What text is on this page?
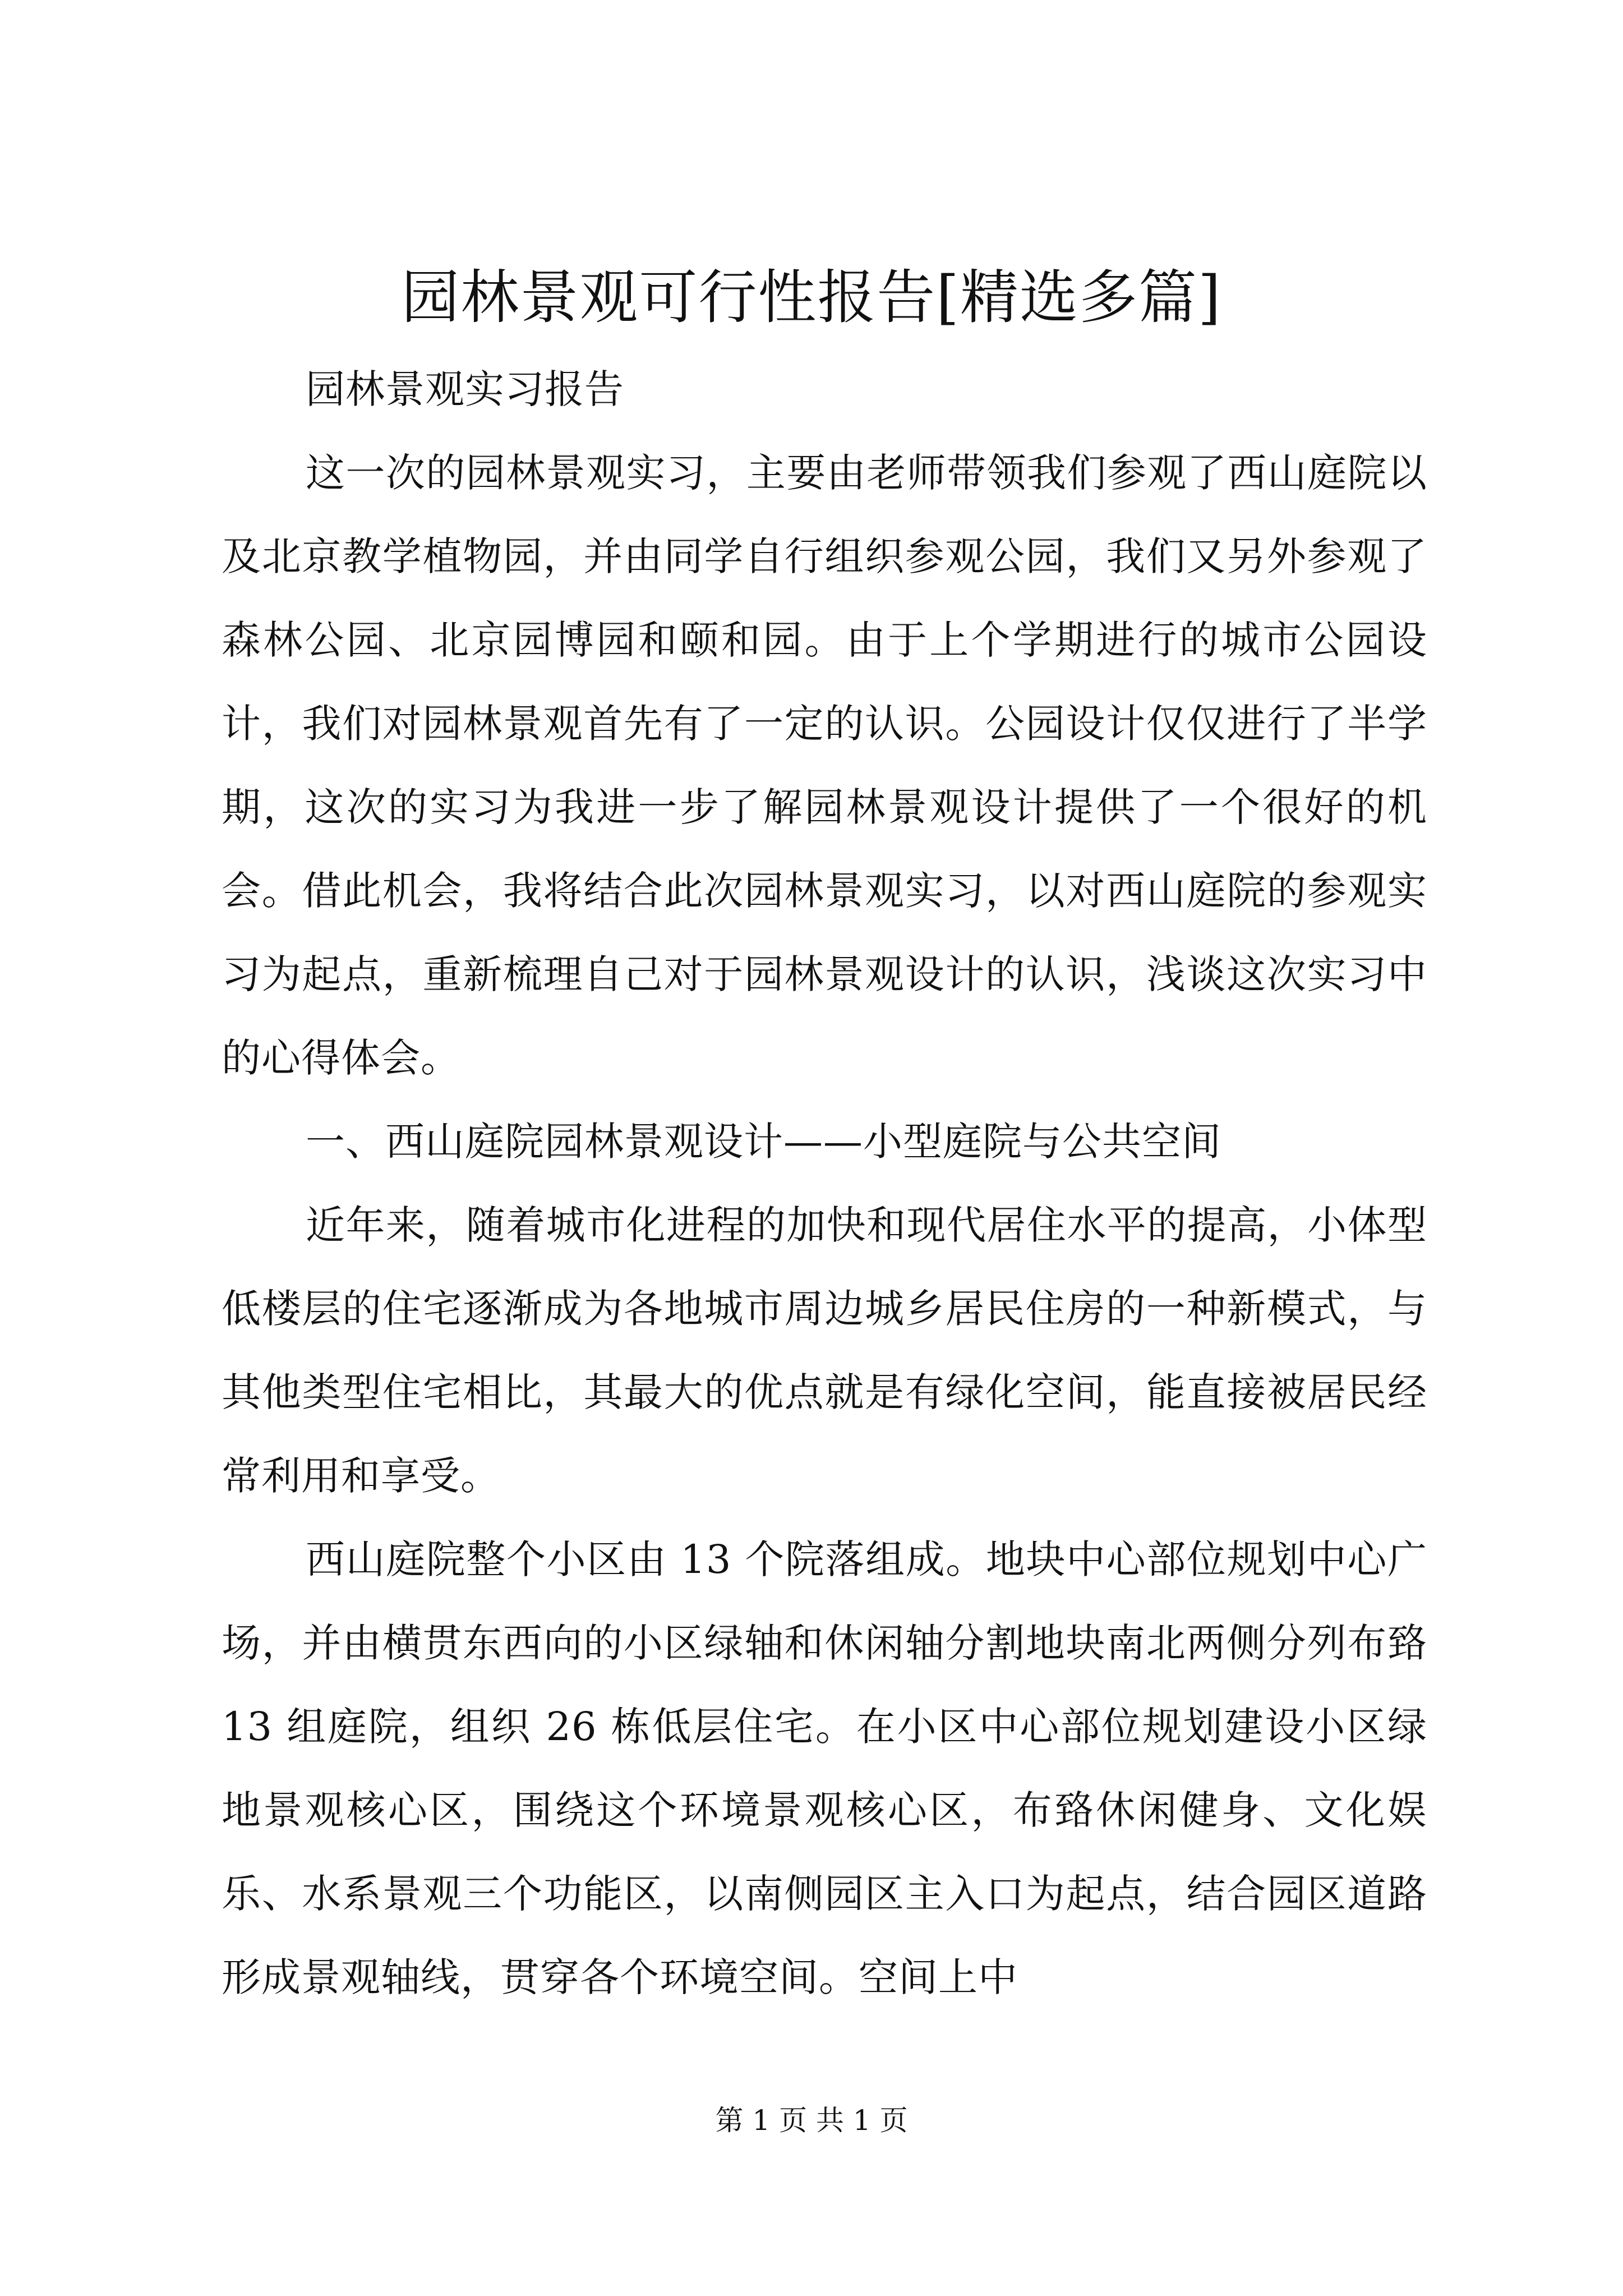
园林景观可行性报告[精选多篇]

园林景观实习报告

这一次的园林景观实习，主要由老师带领我们参观了西山庭院以及北京教学植物园，并由同学自行组织参观公园，我们又另外参观了森林公园、北京园博园和颐和园。由于上个学期进行的城市公园设计，我们对园林景观首先有了一定的认识。公园设计仅仅进行了半学期，这次的实习为我进一步了解园林景观设计提供了一个很好的机会。借此机会，我将结合此次园林景观实习，以对西山庭院的参观实习为起点，重新梳理自己对于园林景观设计的认识，浅谈这次实习中的心得体会。

一、西山庭院园林景观设计——小型庭院与公共空间

近年来，随着城市化进程的加快和现代居住水平的提高，小体型低楼层的住宅逐渐成为各地城市周边城乡居民住房的一种新模式，与其他类型住宅相比，其最大的优点就是有绿化空间，能直接被居民经常利用和享受。

西山庭院整个小区由 13 个院落组成。地块中心部位规划中心广场，并由横贯东西向的小区绿轴和休闲轴分割地块南北两侧分列布臵 13 组庭院，组织 26 栋低层住宅。在小区中心部位规划建设小区绿地景观核心区，围绕这个环境景观核心区，布臵休闲健身、文化娱乐、水系景观三个功能区，以南侧园区主入口为起点，结合园区道路形成景观轴线，贯穿各个环境空间。空间上中

第 1 页 共 1 页
